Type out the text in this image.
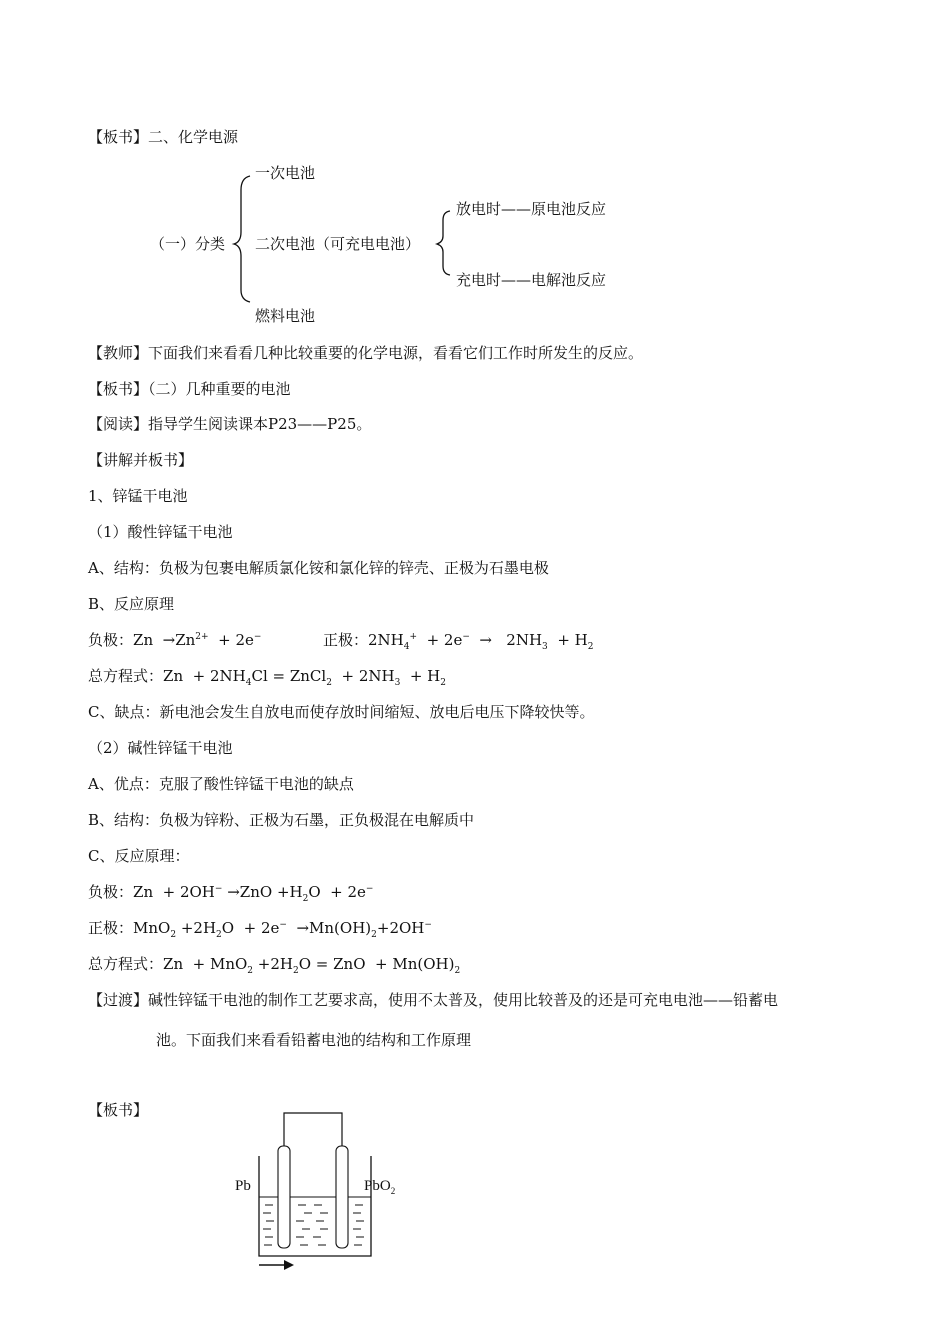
【板书】二、化学电源
一次电池
（一）分类 二次电池（可充电电池）
燃料电池
放电时——原电池反应
充电时——电解池反应
【教师】下面我们来看看几种比较重要的化学电源，看看它们工作时所发生的反应。
【板书】（二）几种重要的电池
【阅读】指导学生阅读课本P23——P25。
【讲解并板书】
1、锌锰干电池
（1）酸性锌锰干电池
A、结构：负极为包裹电解质氯化铵和氯化锌的锌壳、正极为石墨电极
B、反应原理
负极：$Zn \to Zn^{2+} + 2e^-$	正极：$2NH_4^+ + 2e^- \to 2NH_3 + H_2$
总方程式：$Zn + 2NH_4Cl$ = ZnCl$_2$  + $2NH_3 + H_2$
C、缺点：新电池会发生自放电而使存放时间缩短、放电后电压下降较快等。
（2）碱性锌锰干电池
A、优点：克服了酸性锌锰干电池的缺点
B、结构：负极为锌粉、正极为石墨，正负极混在电解质中
C、反应原理：
负极：$Zn + 2OH^- \to ZnO +H_2O + 2e^-$
正极：$MnO_2 +2H_2O + 2e^- \to Mn(OH)_2+2OH^-$
总方程式：$Zn + MnO_2 +2H_2O$ = ZnO  + $Mn(OH)_2$
【过渡】碱性锌锰干电池的制作工艺要求高，使用不太普及，使用比较普及的还是可充电电池——铅蓄电
池。下面我们来看看铅蓄电池的结构和工作原理
【板书】
Pb	PbO$_2$
